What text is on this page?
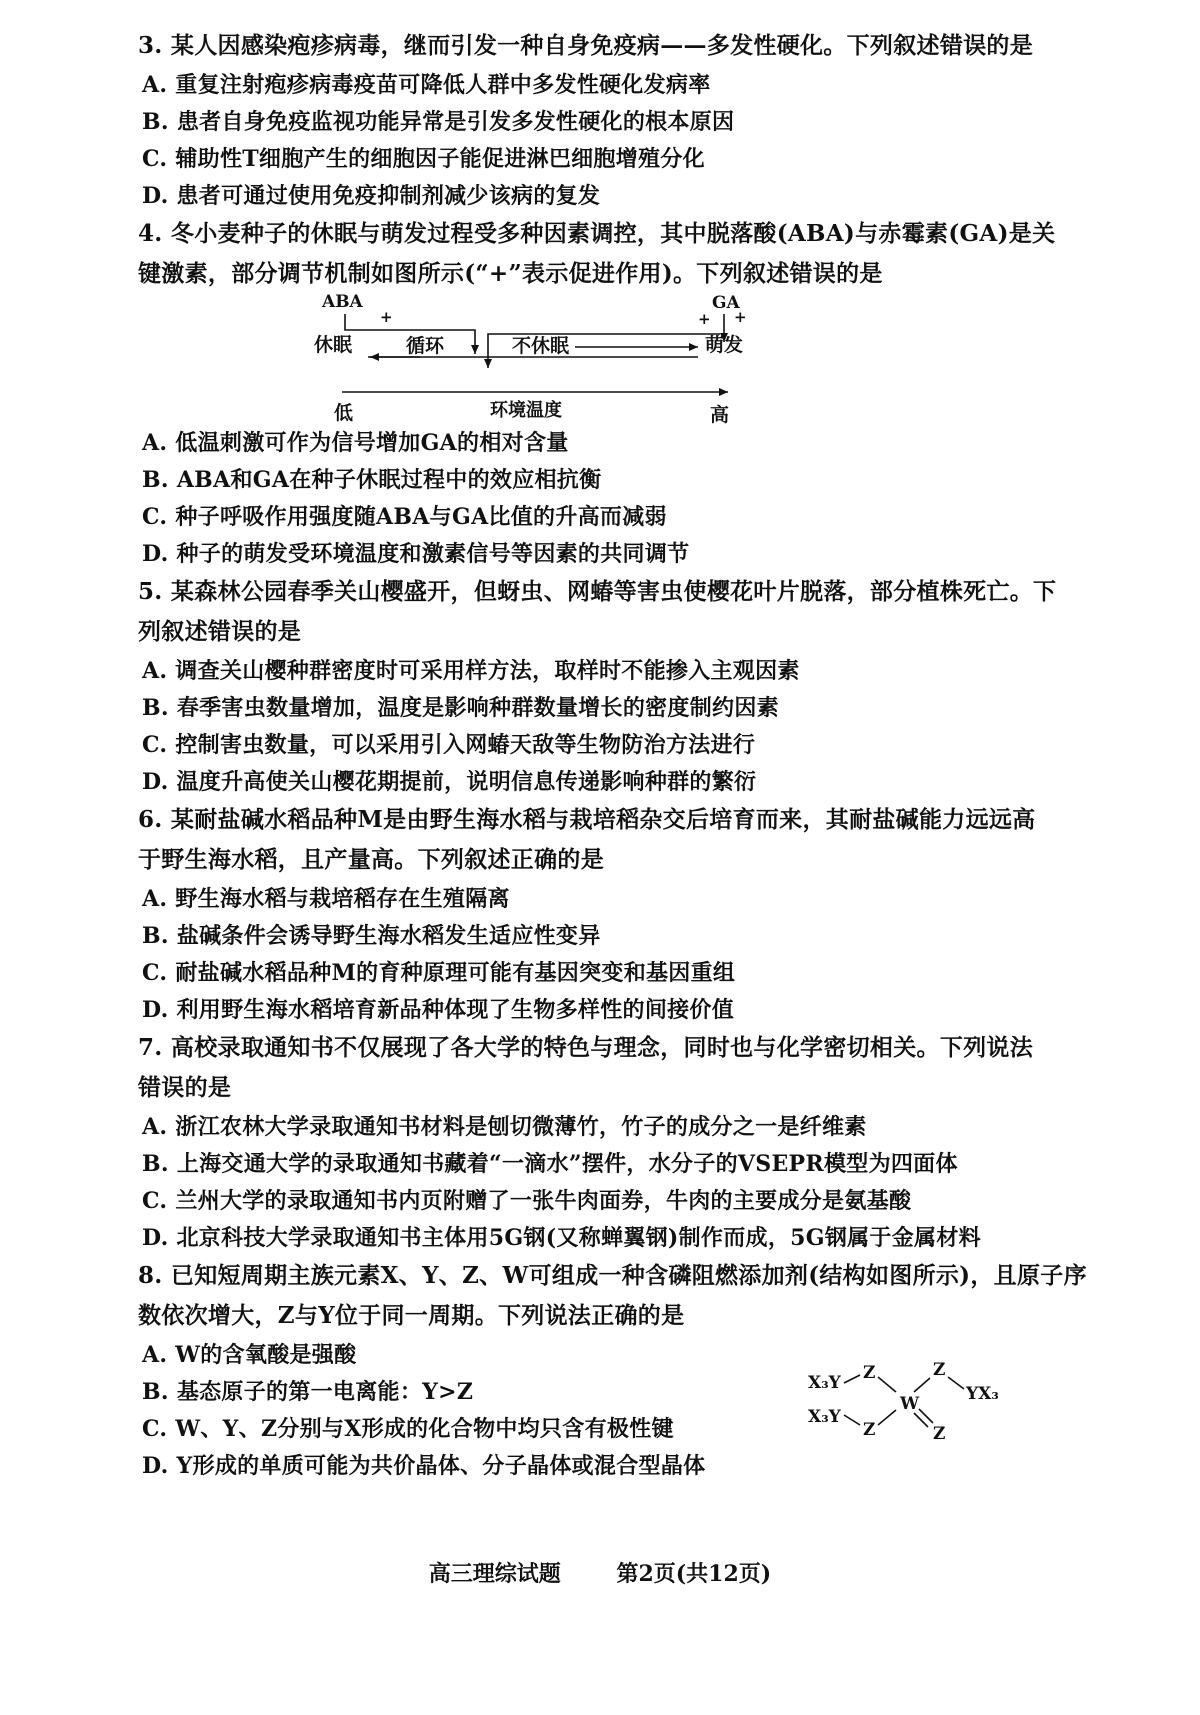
3. 某人因感染疱疹病毒，继而引发一种自身免疫病——多发性硬化。下列叙述错误的是
A. 重复注射疱疹病毒疫苗可降低人群中多发性硬化发病率
B. 患者自身免疫监视功能异常是引发多发性硬化的根本原因
C. 辅助性T细胞产生的细胞因子能促进淋巴细胞增殖分化
D. 患者可通过使用免疫抑制剂减少该病的复发
4. 冬小麦种子的休眠与萌发过程受多种因素调控，其中脱落酸(ABA)与赤霉素(GA)是关
键激素，部分调节机制如图所示(“+”表示促进作用)。下列叙述错误的是
ABA
+	+
GA
+
休眠	循环	不休眠	萌发
低	环境温度	高
A. 低温刺激可作为信号增加GA的相对含量
B. ABA和GA在种子休眠过程中的效应相抗衡
C. 种子呼吸作用强度随ABA与GA比值的升高而减弱
D. 种子的萌发受环境温度和激素信号等因素的共同调节
5. 某森林公园春季关山樱盛开，但蚜虫、网蝽等害虫使樱花叶片脱落，部分植株死亡。下
列叙述错误的是
A. 调查关山樱种群密度时可采用样方法，取样时不能掺入主观因素
B. 春季害虫数量增加，温度是影响种群数量增长的密度制约因素
C. 控制害虫数量，可以采用引入网蝽天敌等生物防治方法进行
D. 温度升高使关山樱花期提前，说明信息传递影响种群的繁衍
6. 某耐盐碱水稻品种M是由野生海水稻与栽培稻杂交后培育而来，其耐盐碱能力远远高
于野生海水稻，且产量高。下列叙述正确的是
A. 野生海水稻与栽培稻存在生殖隔离
B. 盐碱条件会诱导野生海水稻发生适应性变异
C. 耐盐碱水稻品种M的育种原理可能有基因突变和基因重组
D. 利用野生海水稻培育新品种体现了生物多样性的间接价值
7. 高校录取通知书不仅展现了各大学的特色与理念，同时也与化学密切相关。下列说法
错误的是
A. 浙江农林大学录取通知书材料是刨切微薄竹，竹子的成分之一是纤维素
B. 上海交通大学的录取通知书藏着“一滴水”摆件，水分子的VSEPR模型为四面体
C. 兰州大学的录取通知书内页附赠了一张牛肉面券，牛肉的主要成分是氨基酸
D. 北京科技大学录取通知书主体用5G钢(又称蝉翼钢)制作而成，5G钢属于金属材料
8. 已知短周期主族元素X、Y、Z、W可组成一种含磷阻燃添加剂(结构如图所示)，且原子序
数依次增大，Z与Y位于同一周期。下列说法正确的是
A. W的含氧酸是强酸
B. 基态原子的第一电离能：Y>Z
C. W、Y、Z分别与X形成的化合物中均只含有极性键
D. Y形成的单质可能为共价晶体、分子晶体或混合型晶体
X₃Y Z
X₃Y
Z
W
Z
YX₃
Z
高三理综试题	第2页(共12页)
